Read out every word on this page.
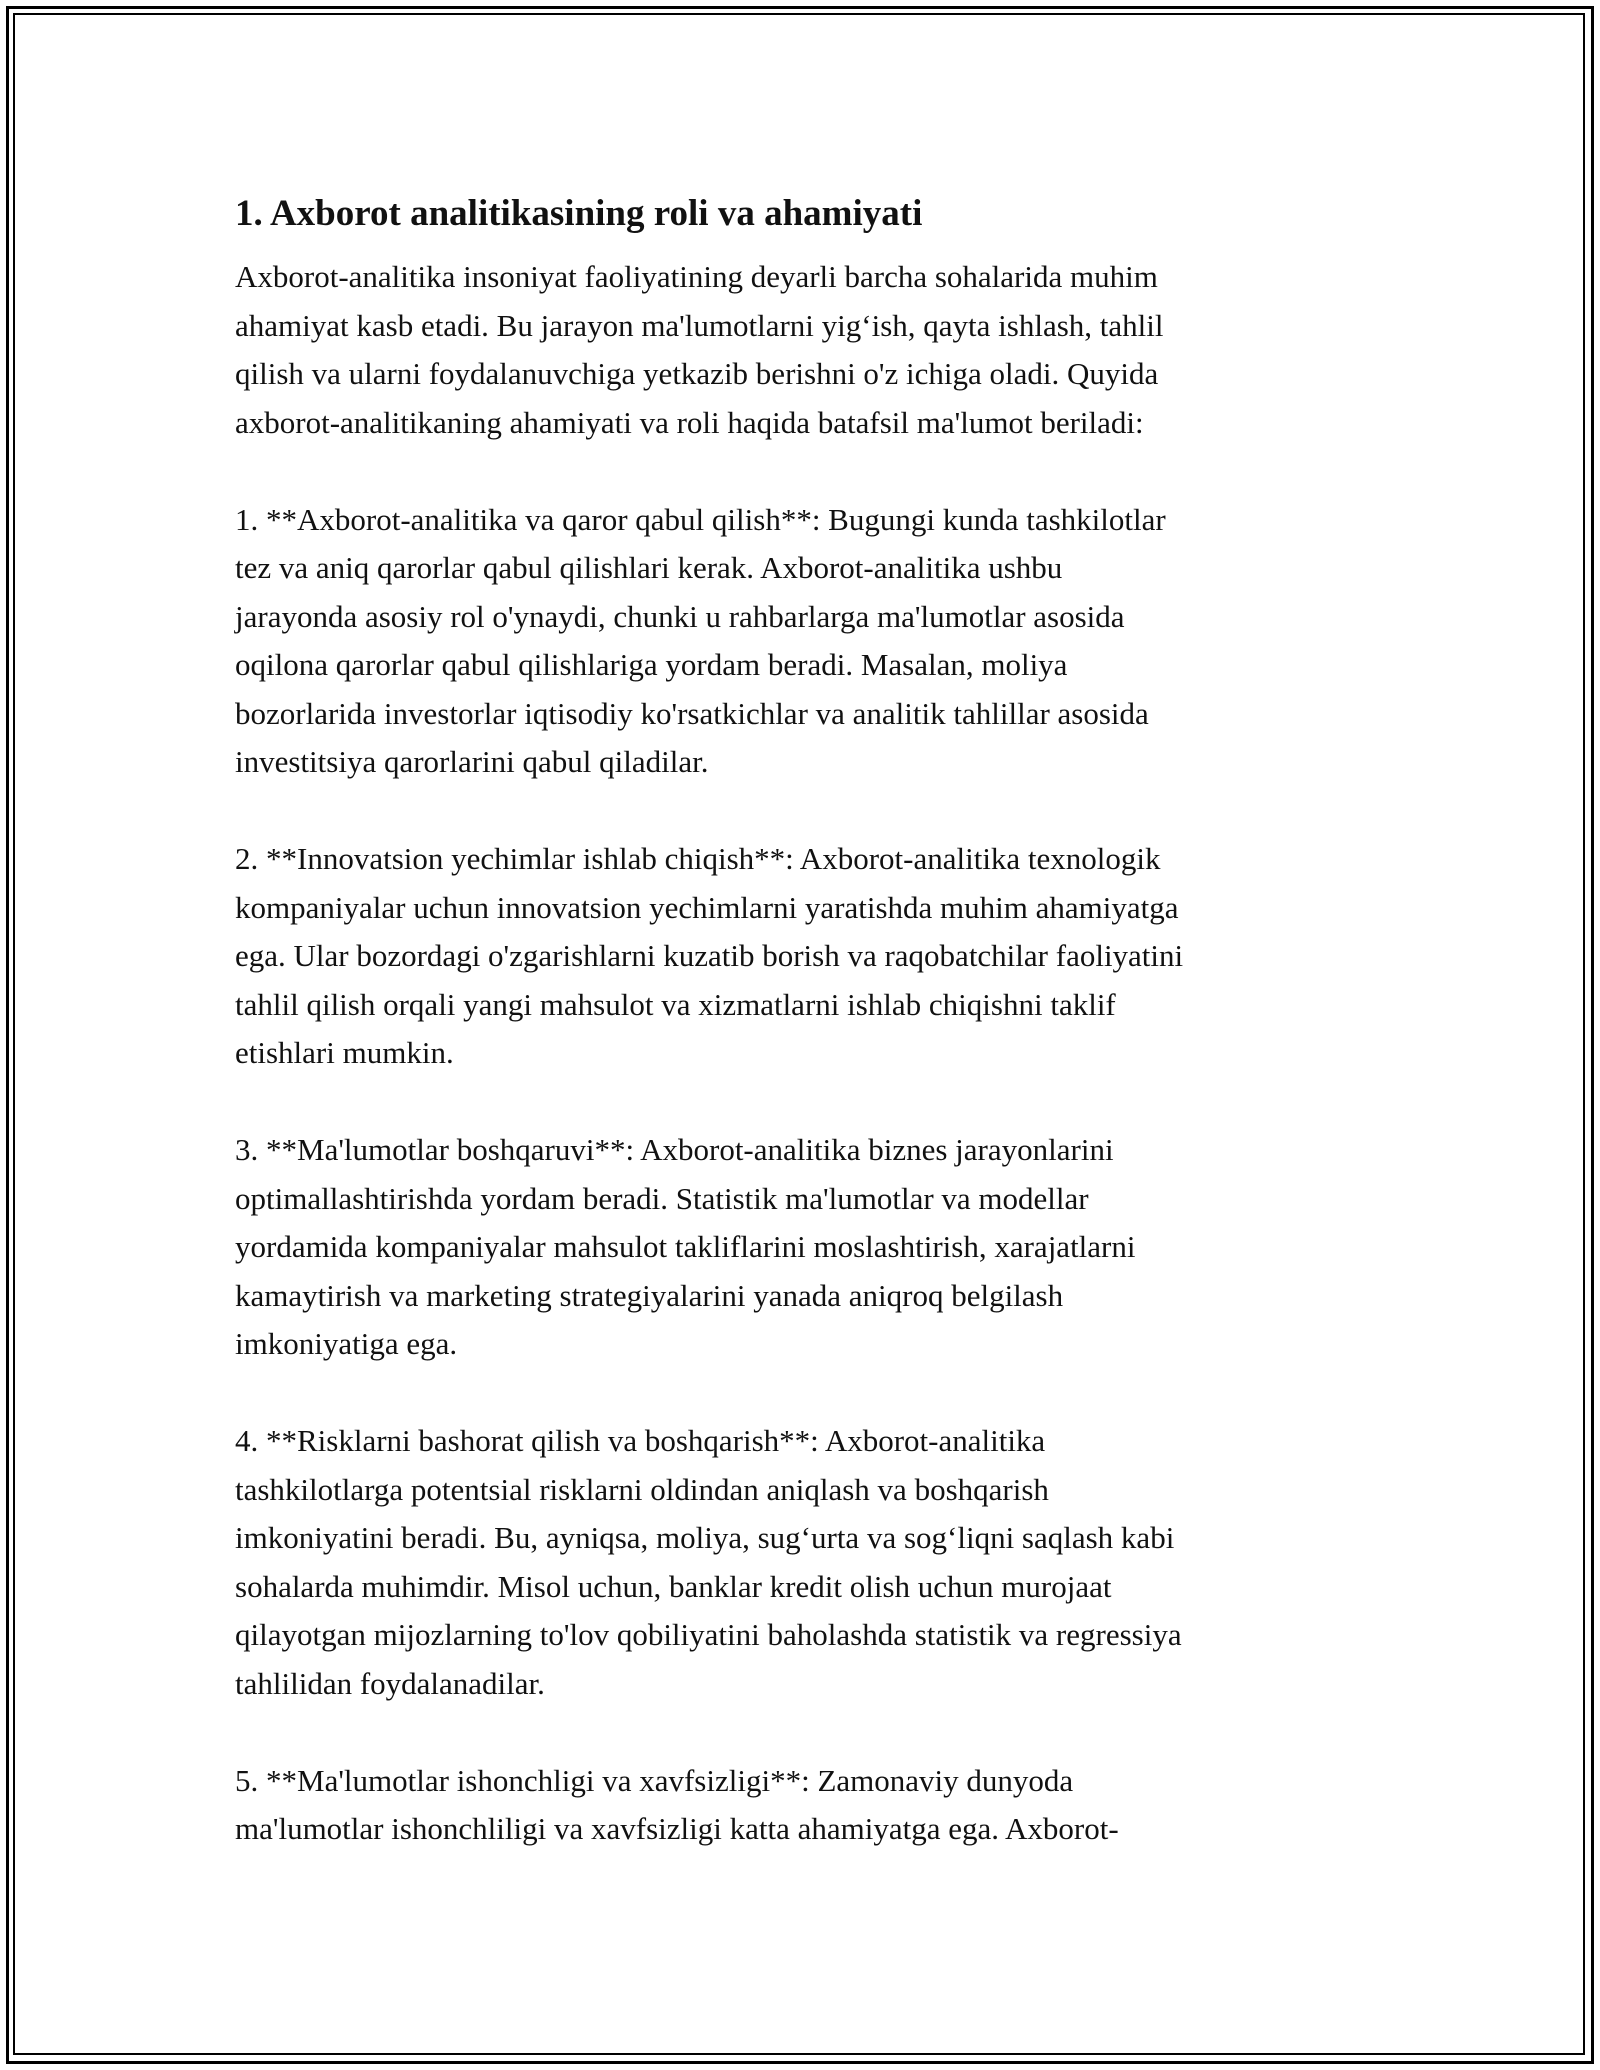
1. Axborot analitikasining roli va ahamiyati

Axborot-analitika insoniyat faoliyatining deyarli barcha sohalarida muhim
ahamiyat kasb etadi. Bu jarayon ma'lumotlarni yig‘ish, qayta ishlash, tahlil
qilish va ularni foydalanuvchiga yetkazib berishni o'z ichiga oladi. Quyida
axborot-analitikaning ahamiyati va roli haqida batafsil ma'lumot beriladi:

1. **Axborot-analitika va qaror qabul qilish**: Bugungi kunda tashkilotlar
tez va aniq qarorlar qabul qilishlari kerak. Axborot-analitika ushbu
jarayonda asosiy rol o'ynaydi, chunki u rahbarlarga ma'lumotlar asosida
oqilona qarorlar qabul qilishlariga yordam beradi. Masalan, moliya
bozorlarida investorlar iqtisodiy ko'rsatkichlar va analitik tahlillar asosida
investitsiya qarorlarini qabul qiladilar.

2. **Innovatsion yechimlar ishlab chiqish**: Axborot-analitika texnologik
kompaniyalar uchun innovatsion yechimlarni yaratishda muhim ahamiyatga
ega. Ular bozordagi o'zgarishlarni kuzatib borish va raqobatchilar faoliyatini
tahlil qilish orqali yangi mahsulot va xizmatlarni ishlab chiqishni taklif
etishlari mumkin.

3. **Ma'lumotlar boshqaruvi**: Axborot-analitika biznes jarayonlarini
optimallashtirishda yordam beradi. Statistik ma'lumotlar va modellar
yordamida kompaniyalar mahsulot takliflarini moslashtirish, xarajatlarni
kamaytirish va marketing strategiyalarini yanada aniqroq belgilash
imkoniyatiga ega.

4. **Risklarni bashorat qilish va boshqarish**: Axborot-analitika
tashkilotlarga potentsial risklarni oldindan aniqlash va boshqarish
imkoniyatini beradi. Bu, ayniqsa, moliya, sug‘urta va sog‘liqni saqlash kabi
sohalarda muhimdir. Misol uchun, banklar kredit olish uchun murojaat
qilayotgan mijozlarning to'lov qobiliyatini baholashda statistik va regressiya
tahlilidan foydalanadilar.

5. **Ma'lumotlar ishonchligi va xavfsizligi**: Zamonaviy dunyoda
ma'lumotlar ishonchliligi va xavfsizligi katta ahamiyatga ega. Axborot-
